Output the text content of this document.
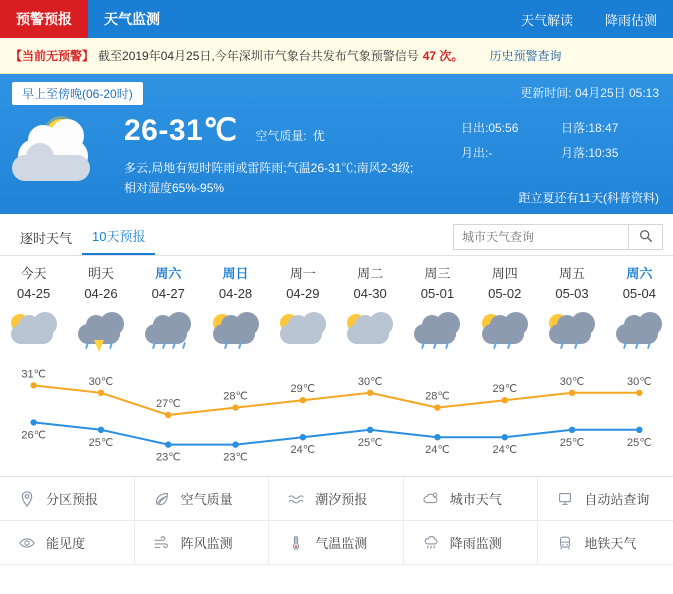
预警预报 天气监测	天气解读 降雨估测
【当前无预警】 截至2019年04月25日,今年深圳市气象台共发布气象预警信号 47 次。 历史预警查询
早上至傍晚(06-20时)	更新时间: 04月25日 05:13
26-31℃ 空气质量: 优
多云,局地有短时阵雨或雷阵雨;气温26-31℃;南风2-3级;相对湿度65%-95%
日出:05:56	日落:18:47
月出:-	月落:10:35
距立夏还有11天(科普资料)
逐时天气	10天预报
城市天气查询
今天
04-25
明天
04-26
周六
04-27
周日
04-28
周一
04-29
周二
04-30
周三
05-01
周四
05-02
周五
05-03
周六
05-04
31℃
30℃
27℃
28℃
29℃
30℃
28℃
29℃
30℃	30℃
26℃
25℃
23℃	23℃
24℃
25℃
24℃	24℃
25℃	25℃
分区预报	空气质量	潮汐预报	城市天气	自动站查询
能见度	阵风监测	气温监测	降雨监测	地铁天气
